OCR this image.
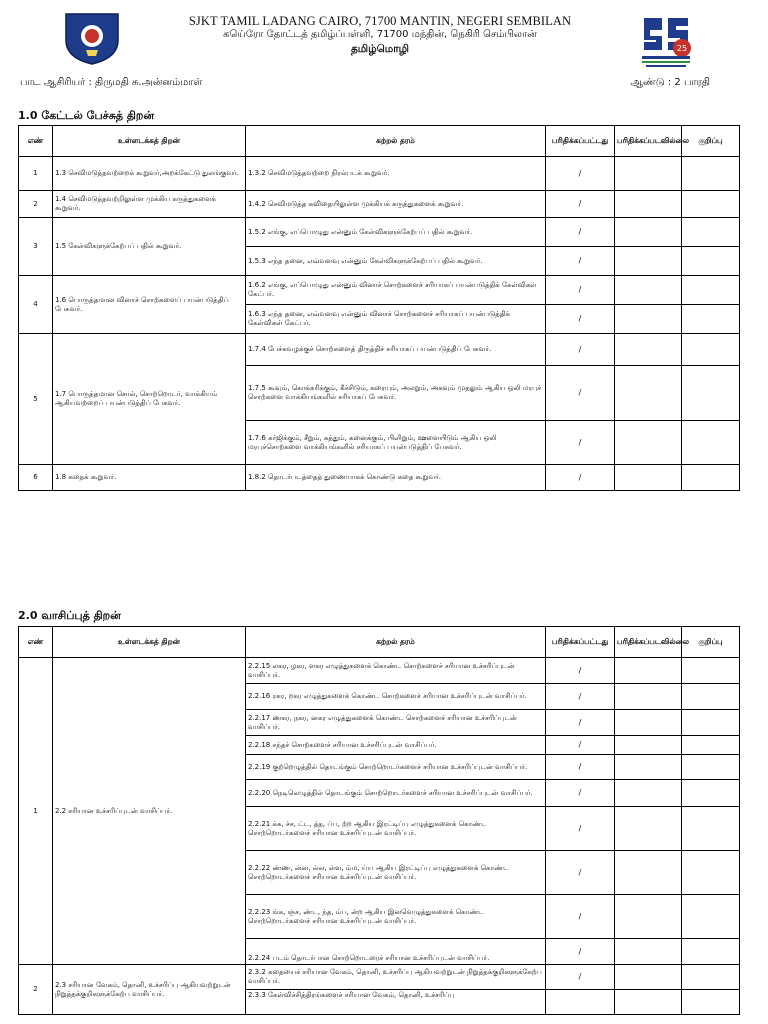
25
SJKT TAMIL LADANG CAIRO, 71700 MANTIN, NEGERI SEMBILAN
கயெ்ரோ தோட்டத் தமிழ்ப்பள்ளி, 71700 மந்தின், நெகிரி செம்பிலான்
தமிழ்மொழி
பாட ஆசிரியர் : திருமதி சு.அன்னம்மாள்	ஆண்டு : 2 பாரதி
1.0 கேட்டல் பேச்சுத் திறன்
எண்	உள்ளடக்கத் திறன்	கற்றல் தரம்	பரிதிக்கப்பட்டது	பரிதிக்கப்படவில்லை	குறிப்பு
1	1.3 செவிமடுத்தவற்றைக் கூறுவர்,அறக்கேட்டு துலங்குவர்.	1.3.2 செவிமடுத்தவற்றை நிரல்படக் கூறுவர்.	/		
2	1.4 செவிமடுத்தவற்றிலுள்ள முக்கிய கருத்துகளைக் கூறுவர்.	1.4.2 செவிமடுத்த கவிதையிலுள்ள முக்கியக் கருத்துகளைக் கூறுவர்.	/		
3	1.5 கேள்விகளுக்கேற்பப் பதில் கூறுவர்.	1.5.2 எங்கு, எப்பொழுது என்னும் கேள்விகளுக்கேற்பப் பதில் கூறுவர்.	/		
		1.5.3 எந்த தனை, எவ்வளவு என்னும் கேள்விகளுக்கேற்பப் பதில் கூறுவர்.	/		
4	1.6 பொருத்தமான வினாச் சொற்களைப் பயன்படுத்திப் பேசுவர்.	1.6.2 எங்கு, எப்பொழுது என்னும் வினாச் சொற்களைச் சரியாகப் பயன்படுத்திக் கேள்விகள் கேட்பர்.	/		
		1.6.3 எந்த தனை, எவ்வளவு என்னும் வினாச் சொற்களைச் சரியாகப் பயன்படுத்திக் கேள்விகள் கேட்பர்.	/		
5	1.7 பொருத்தமான சொல், சொற்றொடர், வாக்கியம் ஆகியவற்றைப் பயன்படுத்திப் பேசுவர்.	1.7.4 பேச்சுவழக்குச் சொற்களைத் திருத்திச் சரியாகப் பயன்படுத்திப் பேசுவர்.	/		
		1.7.5 கூவும், கொக்கரிக்கும், கீச்சிடும், கரையும், அலறும், அகவும் முதலும் ஆகிய ஒலி மரபுச் சொற்களை வாக்கியங்களில் சரியாகப் பேசுவர்.	/		
		1.7.6 கர்ஜிக்கும், சீறும், கத்தும், கனைக்கும், பிளிறும், ஊளையிடும் ஆகிய ஒலி மரபுச்சொற்களை வாக்கியங்களில் சரியாகப் பயன்படுத்திப் பேசுவர்.	/		
6	1.8 கதைக் கூறுவர்.	1.8.2 தொடர்படத்தைத் துணையாகக் கொண்டு கதை கூறுவர்.	/		
2.0 வாசிப்புத் திறன்
எண்	உள்ளடக்கத் திறன்	கற்றல் தரம்	பரிதிக்கப்பட்டது	பரிதிக்கப்படவில்லை	குறிப்பு
1	2.2 சரியான உச்சரிப்புடன் வாசிப்பர்.	2.2.15 லகர, ழகர, ளகர எழுத்துகளைக் கொண்ட சொற்களைச் சரியான உச்சரிப்புடன் வாசிப்பர்.	/		
		2.2.16 ரகர, றகர எழுத்துகளைக் கொண்ட சொற்களைச் சரியான உச்சரிப்புடன் வாசிப்பர்.	/		
		2.2.17 ணகர, நகர, னகர எழுத்துகளைக் கொண்ட சொற்களைச் சரியான உச்சரிப்புடன் வாசிப்பர்.	/		
		2.2.18 சந்தச் சொற்களைச் சரியான உச்சரிப்புடன் வாசிப்பர்.	/		
		2.2.19 குற்றெழுத்தில் தொடங்கும் சொற்றொடர்களைச் சரியான உச்சரிப்புடன் வாசிப்பர்.	/		
		2.2.20 நெடிலெழுத்தில் தொடங்கும் சொற்றொடர்களைச் சரியான உச்சரிப்புடன் வாசிப்பர்.	/		
		2.2.21 க்க, ச்ச, ட்ட, த்த, ப்ப, ற்ற ஆகிய இரட்டிப்பு எழுத்துகளைக் கொண்ட சொற்றொடர்களைச் சரியான உச்சரிப்புடன் வாசிப்பர்.	/		
		2.2.22 ண்ண, ன்ன, ல்ல, ள்ள, ம்ம, ய்ய ஆகிய இரட்டிப்பு எழுத்துகளைக் கொண்ட சொற்றொடர்களைச் சரியான உச்சரிப்புடன் வாசிப்பர்.	/		
		2.2.23 ங்க, ஞ்ச, ண்ட, ந்த, ம்ப, ன்ற ஆகிய இனவெழுத்துகளைக் கொண்ட சொற்றொடர்களைச் சரியான உச்சரிப்புடன் வாசிப்பர்.	/		
		2.2.24 படம் தொடர்பான சொற்றொடரைச் சரியான உச்சரிப்புடன் வாசிப்பர்.	/		
2	2.3 சரியான வேகம், தொனி, உச்சரிப்பு ஆகியவற்றுடன் நிறுத்தக்குறிகளுக்கேற்ப வாசிப்பர்.	2.3.2 கதையைச் சரியான வேகம், தொனி, உச்சரிப்பு ஆகியவற்றுடன் நிறுத்தக்குறிகளுக்கேற்ப வாசிப்பர்.	/		
		2.3.3 கேள்விச்சித்திரங்களைச் சரியான வேகம், தொனி, உச்சரிப்பு			
